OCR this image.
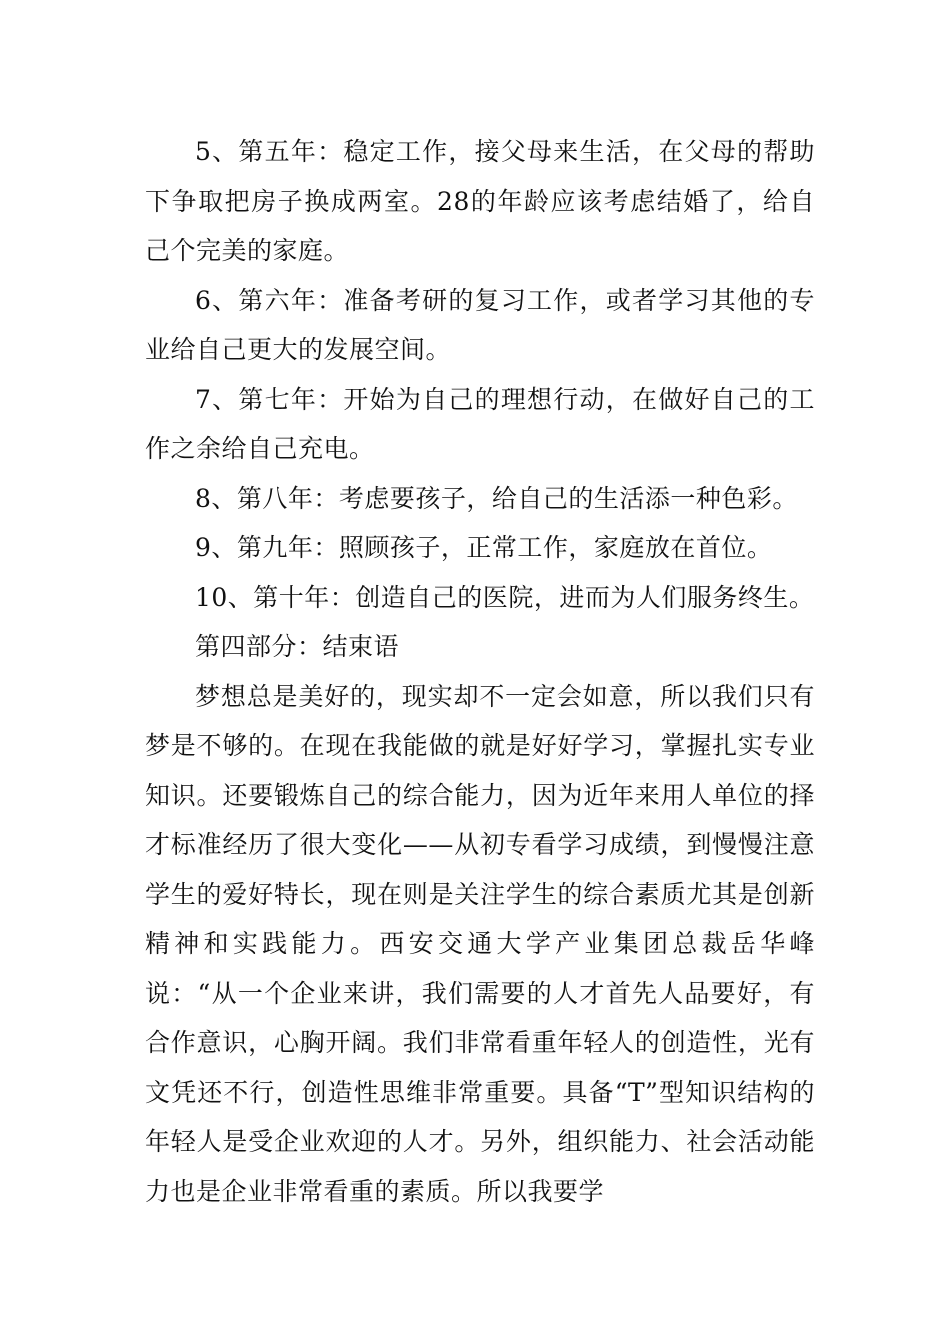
5、第五年：稳定工作，接父母来生活，在父母的帮助下争取把房子换成两室。28的年龄应该考虑结婚了，给自己个完美的家庭。

6、第六年：准备考研的复习工作，或者学习其他的专业给自己更大的发展空间。

7、第七年：开始为自己的理想行动，在做好自己的工作之余给自己充电。

8、第八年：考虑要孩子，给自己的生活添一种色彩。

9、第九年：照顾孩子，正常工作，家庭放在首位。

10、第十年：创造自己的医院，进而为人们服务终生。

第四部分：结束语

梦想总是美好的，现实却不一定会如意，所以我们只有梦是不够的。在现在我能做的就是好好学习，掌握扎实专业知识。还要锻炼自己的综合能力，因为近年来用人单位的择才标准经历了很大变化——从初专看学习成绩，到慢慢注意学生的爱好特长，现在则是关注学生的综合素质尤其是创新精神和实践能力。西安交通大学产业集团总裁岳华峰说：“从一个企业来讲，我们需要的人才首先人品要好，有合作意识，心胸开阔。我们非常看重年轻人的创造性，光有文凭还不行，创造性思维非常重要。具备“T”型知识结构的年轻人是受企业欢迎的人才。另外，组织能力、社会活动能力也是企业非常看重的素质。所以我要学
